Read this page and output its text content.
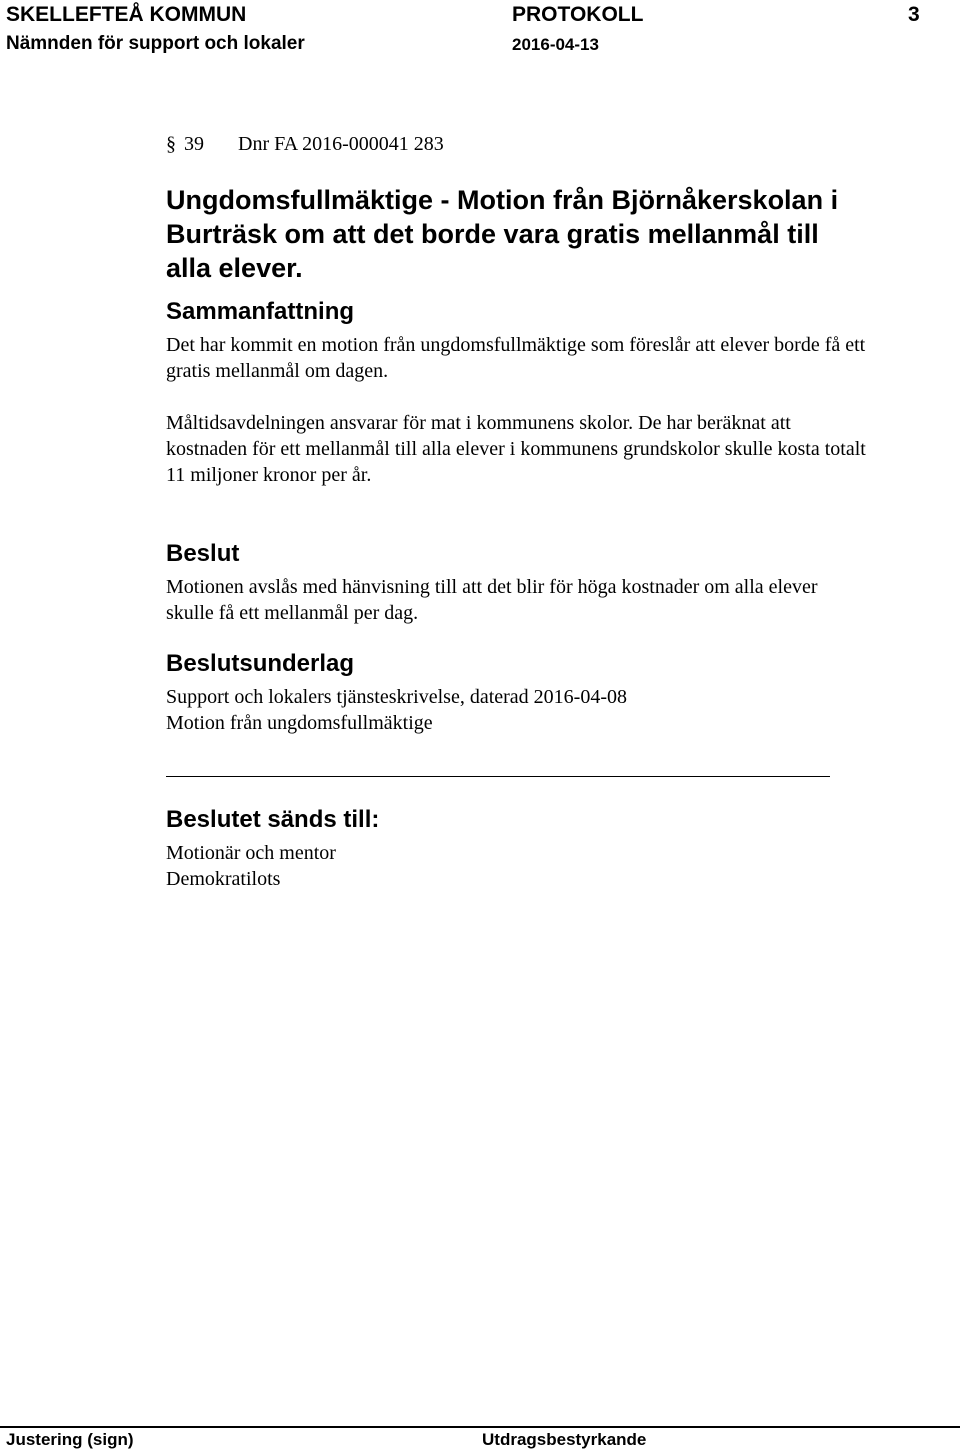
SKELLEFTEÅ KOMMUN	PROTOKOLL	3
Nämnden för support och lokaler	2016-04-13
§ 39 Dnr FA 2016-000041 283
Ungdomsfullmäktige - Motion från Björnåkerskolan i Burträsk om att det borde vara gratis mellanmål till alla elever.
Sammanfattning

Det har kommit en motion från ungdomsfullmäktige som föreslår att elever borde få ett gratis mellanmål om dagen.

Måltidsavdelningen ansvarar för mat i kommunens skolor. De har beräknat att kostnaden för ett mellanmål till alla elever i kommunens grundskolor skulle kosta totalt 11 miljoner kronor per år.

Beslut

Motionen avslås med hänvisning till att det blir för höga kostnader om alla elever skulle få ett mellanmål per dag.

Beslutsunderlag

Support och lokalers tjänsteskrivelse, daterad 2016-04-08

Motion från ungdomsfullmäktige

Beslutet sänds till:

Motionär och mentor

Demokratilots

Justering (sign)	Utdragsbestyrkande
